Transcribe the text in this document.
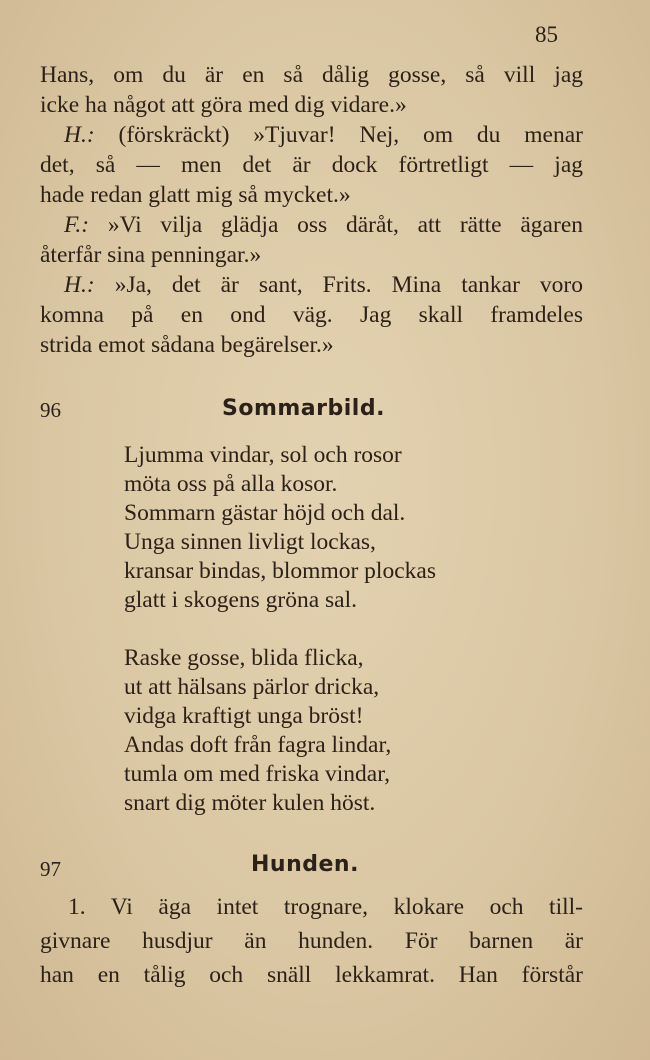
85
Hans, om du är en så dålig gosse, så vill jag
icke ha något att göra med dig vidare.»
H.: (förskräckt) »Tjuvar! Nej, om du menar
det, så — men det är dock förtretligt — jag
hade redan glatt mig så mycket.»
F.: »Vi vilja glädja oss däråt, att rätte ägaren
återfår sina penningar.»
H.: »Ja, det är sant, Frits. Mina tankar voro
komna på en ond väg. Jag skall framdeles
strida emot sådana begärelser.»
96	Sommarbild.
Ljumma vindar, sol och rosor
möta oss på alla kosor.
Sommarn gästar höjd och dal.
Unga sinnen livligt lockas,
kransar bindas, blommor plockas
glatt i skogens gröna sal.
Raske gosse, blida flicka,
ut att hälsans pärlor dricka,
vidga kraftigt unga bröst!
Andas doft från fagra lindar,
tumla om med friska vindar,
snart dig möter kulen höst.
97	Hunden.
1. Vi äga intet trognare, klokare och till-
givnare husdjur än hunden. För barnen är
han en tålig och snäll lekkamrat. Han förstår
